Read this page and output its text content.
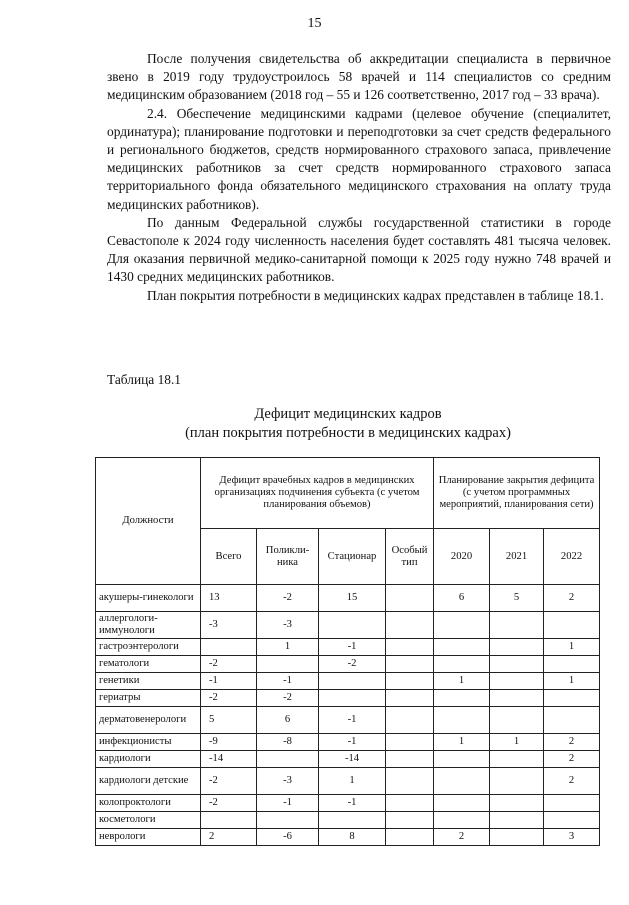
15

После получения свидетельства об аккредитации специалиста в первичное звено в 2019 году трудоустроилось 58 врачей и 114 специалистов со средним медицинским образованием (2018 год – 55 и 126 соответственно, 2017 год – 33 врача).

2.4. Обеспечение медицинскими кадрами (целевое обучение (специалитет, ординатура); планирование подготовки и переподготовки за счет средств федерального и регионального бюджетов, средств нормированного страхового запаса, привлечение медицинских работников за счет средств нормированного страхового запаса территориального фонда обязательного медицинского страхования на оплату труда медицинских работников).

По данным Федеральной службы государственной статистики в городе Севастополе к 2024 году численность населения будет составлять 481 тысяча человек. Для оказания первичной медико-санитарной помощи к 2025 году нужно 748 врачей и 1430 средних медицинских работников.

План покрытия потребности в медицинских кадрах представлен в таблице 18.1.

Таблица 18.1
Дефицит медицинских кадров
(план покрытия потребности в медицинских кадрах)
Должности	Дефицит врачебных кадров в медицинских организациях подчинения субъекта (с учетом планирования объемов)				Планирование закрытия дефицита (с учетом программных мероприятий, планирования сети)		
	Всего	Поликли-ника	Стационар	Особый тип	2020	2021	2022
акушеры-гинекологи	13	-2	15		6	5	2
аллергологи-иммунологи	-3	-3					
гастроэнтерологи		1	-1				1
гематологи	-2		-2				
генетики	-1	-1			1		1
гериатры	-2	-2					
дерматовенерологи	5	6	-1				
инфекционисты	-9	-8	-1		1	1	2
кардиологи	-14		-14				2
кардиологи детские	-2	-3	1				2
колопроктологи	-2	-1	-1				
косметологи							
неврологи	2	-6	8		2		3
